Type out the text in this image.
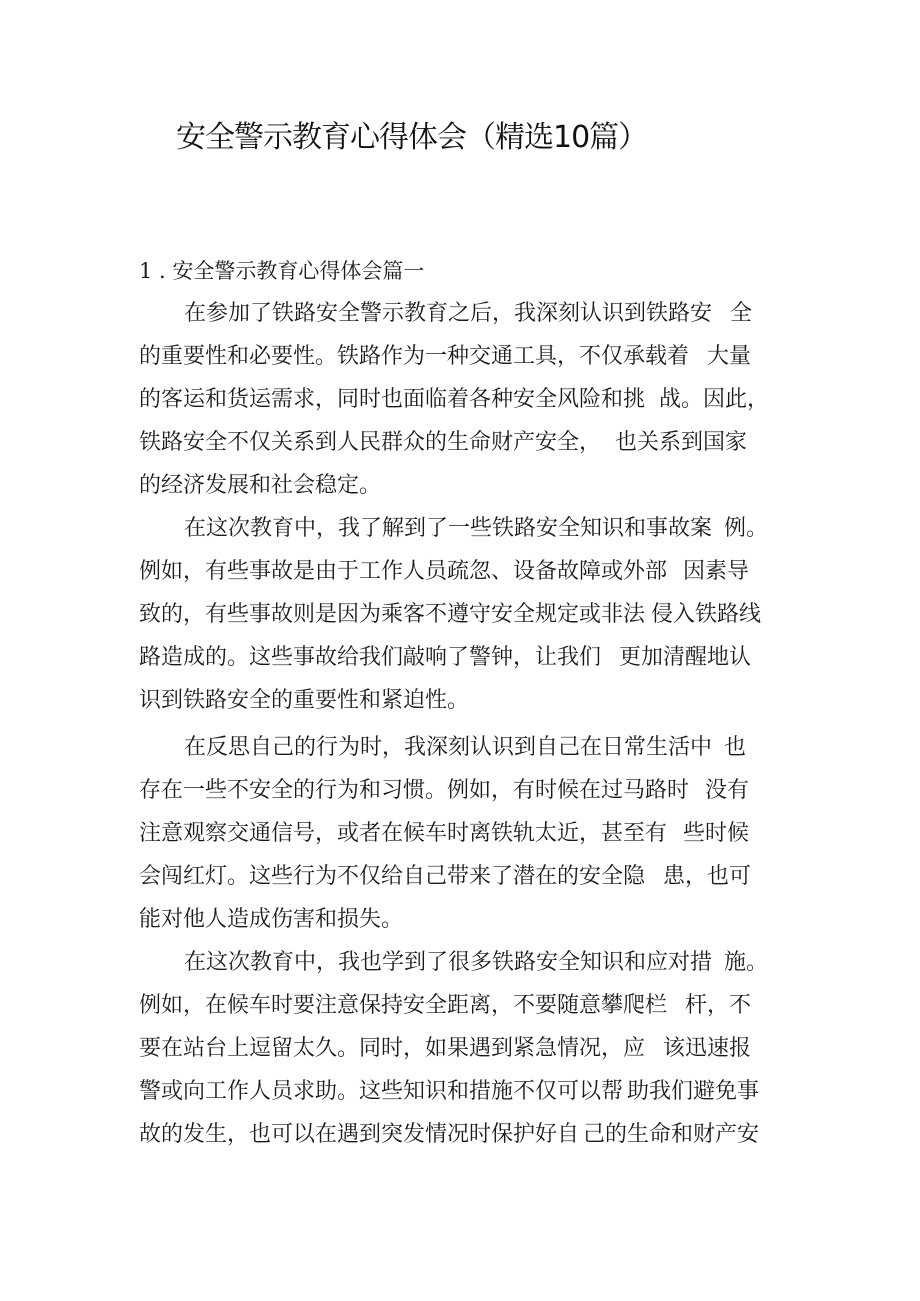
安全警示教育心得体会（精选10篇）
1 . 安全警示教育心得体会篇一
在参加了铁路安全警示教育之后，我深刻认识到铁路安 全
的重要性和必要性。铁路作为一种交通工具，不仅承载着 大量
的客运和货运需求，同时也面临着各种安全风险和挑 战。因此，
铁路安全不仅关系到人民群众的生命财产安全， 也关系到国家
的经济发展和社会稳定。
在这次教育中，我了解到了一些铁路安全知识和事故案 例。
例如，有些事故是由于工作人员疏忽、设备故障或外部 因素导
致的，有些事故则是因为乘客不遵守安全规定或非法 侵入铁路线
路造成的。这些事故给我们敲响了警钟，让我们 更加清醒地认
识到铁路安全的重要性和紧迫性。
在反思自己的行为时，我深刻认识到自己在日常生活中 也
存在一些不安全的行为和习惯。例如，有时候在过马路时 没有
注意观察交通信号，或者在候车时离铁轨太近，甚至有 些时候
会闯红灯。这些行为不仅给自己带来了潜在的安全隐 患，也可
能对他人造成伤害和损失。
在这次教育中，我也学到了很多铁路安全知识和应对措 施。
例如，在候车时要注意保持安全距离，不要随意攀爬栏 杆，不
要在站台上逗留太久。同时，如果遇到紧急情况，应 该迅速报
警或向工作人员求助。这些知识和措施不仅可以帮 助我们避免事
故的发生，也可以在遇到突发情况时保护好自 己的生命和财产安
